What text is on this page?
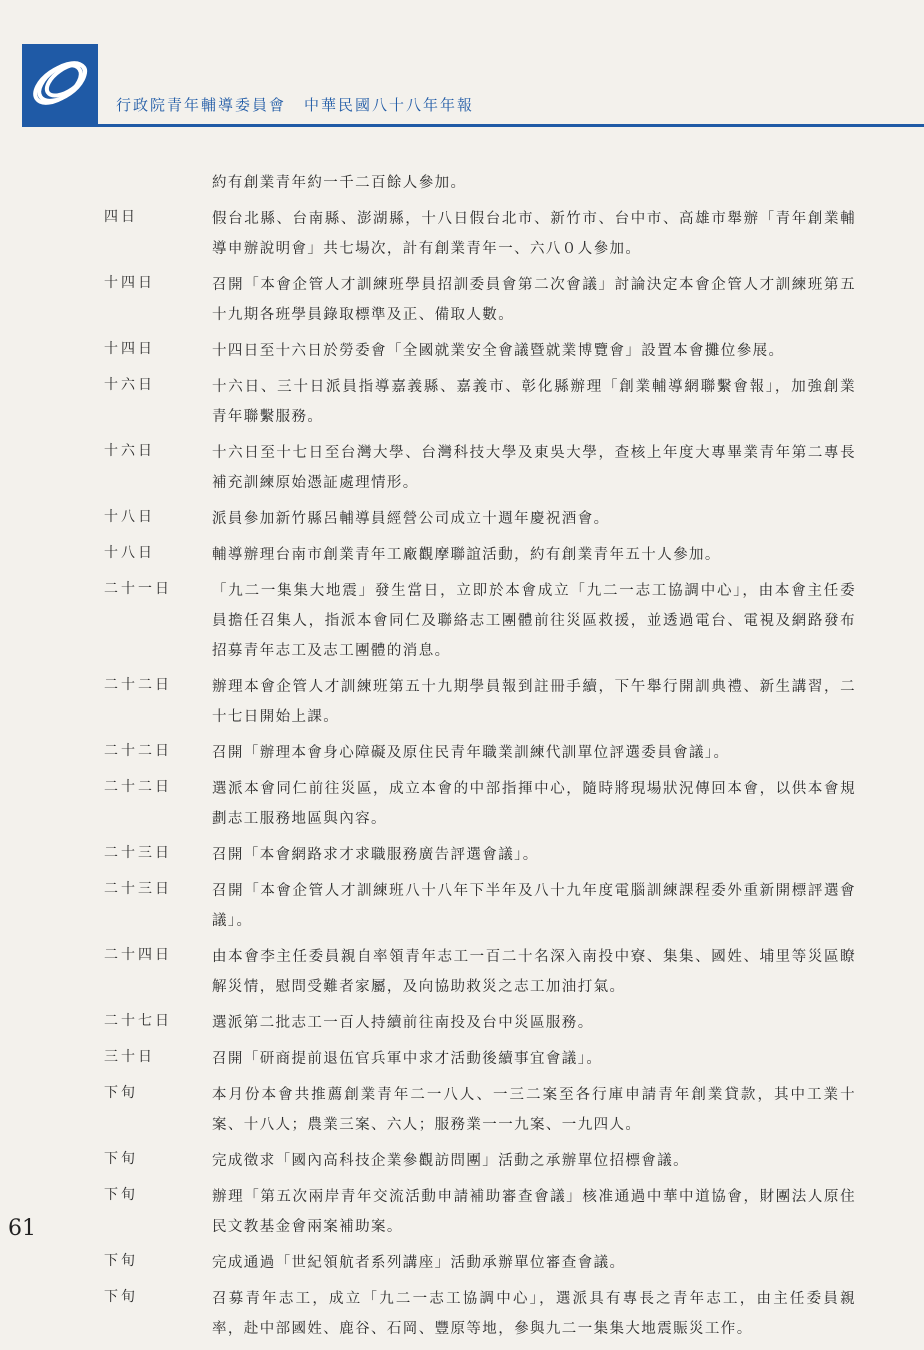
行政院青年輔導委員會 中華民國八十八年年報
約有創業青年約一千二百餘人參加。
四日	假台北縣、台南縣、澎湖縣，十八日假台北市、新竹市、台中市、高雄市舉辦「青年創業輔導申辦說明會」共七場次，計有創業青年一、六八０人參加。
十四日	召開「本會企管人才訓練班學員招訓委員會第二次會議」討論決定本會企管人才訓練班第五十九期各班學員錄取標準及正、備取人數。
十四日	十四日至十六日於勞委會「全國就業安全會議暨就業博覽會」設置本會攤位參展。
十六日	十六日、三十日派員指導嘉義縣、嘉義市、彰化縣辦理「創業輔導網聯繫會報」，加強創業青年聯繫服務。
十六日	十六日至十七日至台灣大學、台灣科技大學及東吳大學，查核上年度大專畢業青年第二專長補充訓練原始憑証處理情形。
十八日	派員參加新竹縣呂輔導員經營公司成立十週年慶祝酒會。
十八日	輔導辦理台南市創業青年工廠觀摩聯誼活動，約有創業青年五十人參加。
二十一日	「九二一集集大地震」發生當日，立即於本會成立「九二一志工協調中心」，由本會主任委員擔任召集人，指派本會同仁及聯絡志工團體前往災區救援，並透過電台、電視及網路發布招募青年志工及志工團體的消息。
二十二日	辦理本會企管人才訓練班第五十九期學員報到註冊手續，下午舉行開訓典禮、新生講習，二十七日開始上課。
二十二日	召開「辦理本會身心障礙及原住民青年職業訓練代訓單位評選委員會議」。
二十二日	選派本會同仁前往災區，成立本會的中部指揮中心，隨時將現場狀況傳回本會，以供本會規劃志工服務地區與內容。
二十三日	召開「本會網路求才求職服務廣告評選會議」。
二十三日	召開「本會企管人才訓練班八十八年下半年及八十九年度電腦訓練課程委外重新開標評選會議」。
二十四日	由本會李主任委員親自率領青年志工一百二十名深入南投中寮、集集、國姓、埔里等災區瞭解災情，慰問受難者家屬，及向協助救災之志工加油打氣。
二十七日	選派第二批志工一百人持續前往南投及台中災區服務。
三十日	召開「研商提前退伍官兵軍中求才活動後續事宜會議」。
下旬	本月份本會共推薦創業青年二一八人、一三二案至各行庫申請青年創業貸款，其中工業十案、十八人；農業三案、六人；服務業一一九案、一九四人。
下旬	完成徵求「國內高科技企業參觀訪問團」活動之承辦單位招標會議。
下旬	辦理「第五次兩岸青年交流活動申請補助審查會議」核准通過中華中道協會，財團法人原住民文教基金會兩案補助案。
下旬	完成通過「世紀領航者系列講座」活動承辦單位審查會議。
下旬	召募青年志工，成立「九二一志工協調中心」，選派具有專長之青年志工，由主任委員親率，赴中部國姓、鹿谷、石岡、豐原等地，參與九二一集集大地震賑災工作。
61
